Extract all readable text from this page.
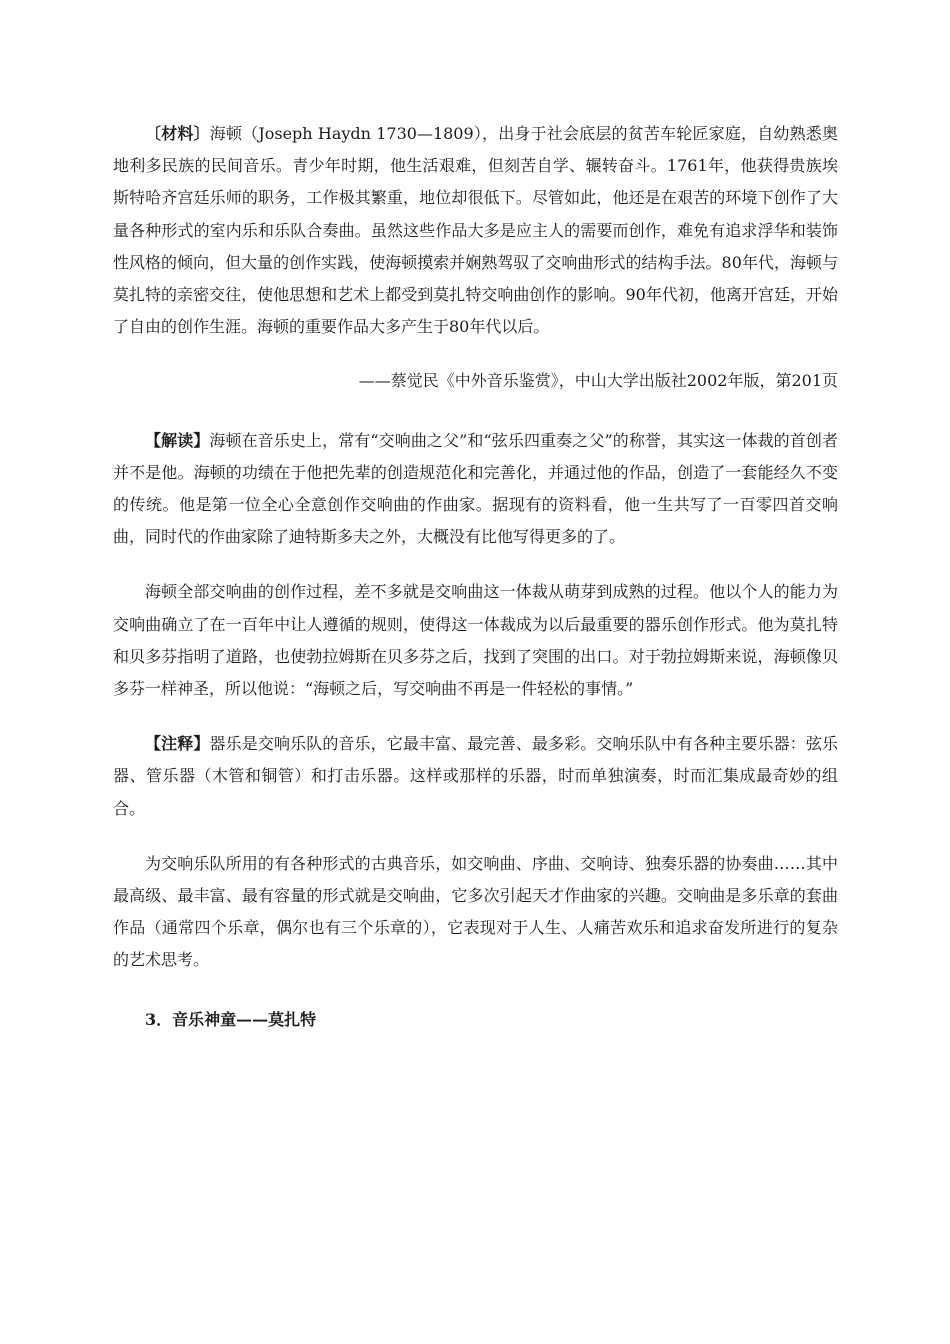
〔材料〕海顿（Joseph Haydn 1730—1809），出身于社会底层的贫苦车轮匠家庭，自幼熟悉奥地利多民族的民间音乐。青少年时期，他生活艰难，但刻苦自学、辗转奋斗。1761年，他获得贵族埃斯特哈齐宫廷乐师的职务，工作极其繁重，地位却很低下。尽管如此，他还是在艰苦的环境下创作了大量各种形式的室内乐和乐队合奏曲。虽然这些作品大多是应主人的需要而创作，难免有追求浮华和装饰性风格的倾向，但大量的创作实践，使海顿摸索并娴熟驾驭了交响曲形式的结构手法。80年代，海顿与莫扎特的亲密交往，使他思想和艺术上都受到莫扎特交响曲创作的影响。90年代初，他离开宫廷，开始了自由的创作生涯。海顿的重要作品大多产生于80年代以后。

——蔡觉民《中外音乐鉴赏》，中山大学出版社2002年版，第201页

【解读】海顿在音乐史上，常有“交响曲之父”和“弦乐四重奏之父”的称誉，其实这一体裁的首创者并不是他。海顿的功绩在于他把先辈的创造规范化和完善化，并通过他的作品，创造了一套能经久不变的传统。他是第一位全心全意创作交响曲的作曲家。据现有的资料看，他一生共写了一百零四首交响曲，同时代的作曲家除了迪特斯多夫之外，大概没有比他写得更多的了。

海顿全部交响曲的创作过程，差不多就是交响曲这一体裁从萌芽到成熟的过程。他以个人的能力为交响曲确立了在一百年中让人遵循的规则，使得这一体裁成为以后最重要的器乐创作形式。他为莫扎特和贝多芬指明了道路，也使勃拉姆斯在贝多芬之后，找到了突围的出口。对于勃拉姆斯来说，海顿像贝多芬一样神圣，所以他说：“海顿之后，写交响曲不再是一件轻松的事情。”

【注释】器乐是交响乐队的音乐，它最丰富、最完善、最多彩。交响乐队中有各种主要乐器：弦乐器、管乐器（木管和铜管）和打击乐器。这样或那样的乐器，时而单独演奏，时而汇集成最奇妙的组合。

为交响乐队所用的有各种形式的古典音乐，如交响曲、序曲、交响诗、独奏乐器的协奏曲……其中最高级、最丰富、最有容量的形式就是交响曲，它多次引起天才作曲家的兴趣。交响曲是多乐章的套曲作品（通常四个乐章，偶尔也有三个乐章的），它表现对于人生、人痛苦欢乐和追求奋发所进行的复杂的艺术思考。

3．音乐神童——莫扎特
